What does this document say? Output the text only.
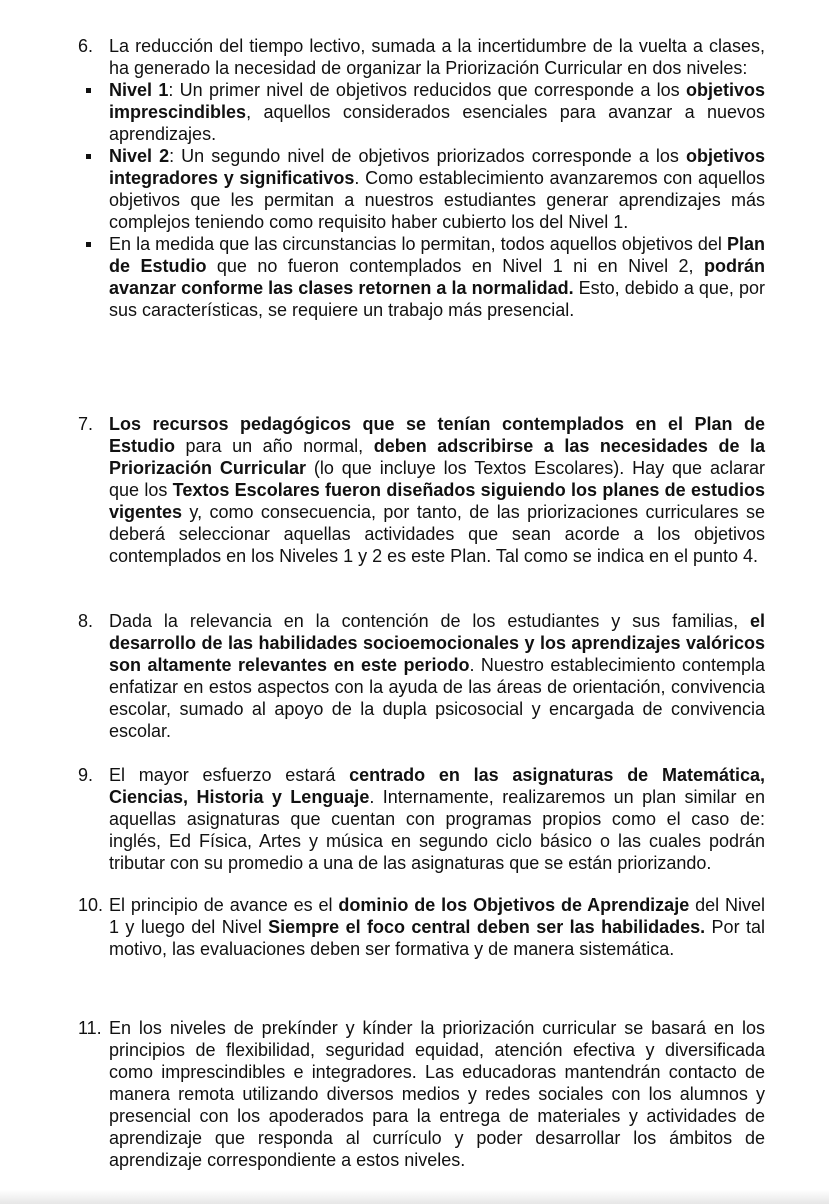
6. La reducción del tiempo lectivo, sumada a la incertidumbre de la vuelta a clases, ha generado la necesidad de organizar la Priorización Curricular en dos niveles:
Nivel 1: Un primer nivel de objetivos reducidos que corresponde a los objetivos imprescindibles, aquellos considerados esenciales para avanzar a nuevos aprendizajes.
Nivel 2: Un segundo nivel de objetivos priorizados corresponde a los objetivos integradores y significativos. Como establecimiento avanzaremos con aquellos objetivos que les permitan a nuestros estudiantes generar aprendizajes más complejos teniendo como requisito haber cubierto los del Nivel 1.
En la medida que las circunstancias lo permitan, todos aquellos objetivos del Plan de Estudio que no fueron contemplados en Nivel 1 ni en Nivel 2, podrán avanzar conforme las clases retornen a la normalidad. Esto, debido a que, por sus características, se requiere un trabajo más presencial.
7. Los recursos pedagógicos que se tenían contemplados en el Plan de Estudio para un año normal, deben adscribirse a las necesidades de la Priorización Curricular (lo que incluye los Textos Escolares). Hay que aclarar que los Textos Escolares fueron diseñados siguiendo los planes de estudios vigentes y, como consecuencia, por tanto, de las priorizaciones curriculares se deberá seleccionar aquellas actividades que sean acorde a los objetivos contemplados en los Niveles 1 y 2 es este Plan. Tal como se indica en el punto 4.
8. Dada la relevancia en la contención de los estudiantes y sus familias, el desarrollo de las habilidades socioemocionales y los aprendizajes valóricos son altamente relevantes en este periodo. Nuestro establecimiento contempla enfatizar en estos aspectos con la ayuda de las áreas de orientación, convivencia escolar, sumado al apoyo de la dupla psicosocial y encargada de convivencia escolar.
9. El mayor esfuerzo estará centrado en las asignaturas de Matemática, Ciencias, Historia y Lenguaje. Internamente, realizaremos un plan similar en aquellas asignaturas que cuentan con programas propios como el caso de: inglés, Ed Física, Artes y música en segundo ciclo básico o las cuales podrán tributar con su promedio a una de las asignaturas que se están priorizando.
10. El principio de avance es el dominio de los Objetivos de Aprendizaje del Nivel 1 y luego del Nivel Siempre el foco central deben ser las habilidades. Por tal motivo, las evaluaciones deben ser formativa y de manera sistemática.
11. En los niveles de prekínder y kínder la priorización curricular se basará en los principios de flexibilidad, seguridad equidad, atención efectiva y diversificada como imprescindibles e integradores. Las educadoras mantendrán contacto de manera remota utilizando diversos medios y redes sociales con los alumnos y presencial con los apoderados para la entrega de materiales y actividades de aprendizaje que responda al currículo y poder desarrollar los ámbitos de aprendizaje correspondiente a estos niveles.
